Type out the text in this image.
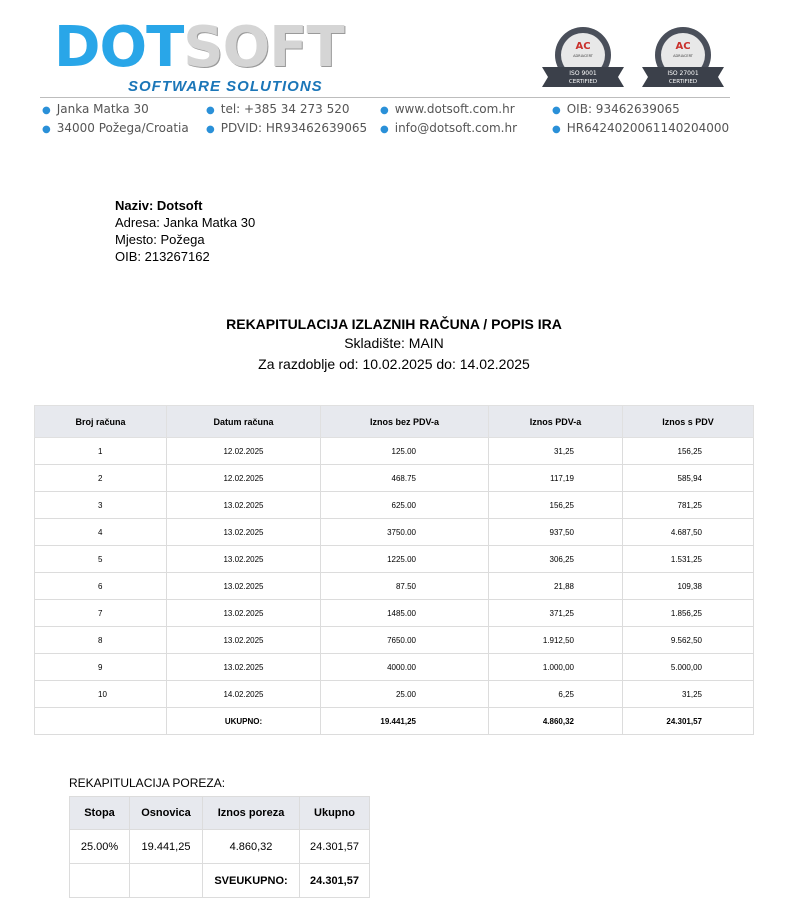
DOTSOFT
SOFTWARE SOLUTIONS
AC
ADRIACERT
ISO 9001
CERTIFIED
AC
ADRIACERT
ISO 27001
CERTIFIED
● Janka Matka 30
● 34000 Požega/Croatia
● tel: +385 34 273 520
● PDVID: HR93462639065
● www.dotsoft.com.hr
● info@dotsoft.com.hr
● OIB: 93462639065
● HR6424020061140204000
Naziv: Dotsoft
Adresa: Janka Matka 30
Mjesto: Požega
OIB: 213267162
REKAPITULACIJA IZLAZNIH RAČUNA / POPIS IRA
Skladište: MAIN
Za razdoblje od: 10.02.2025 do: 14.02.2025
Broj računa	Datum računa	Iznos bez PDV-a	Iznos PDV-a	Iznos s PDV
1	12.02.2025	125.00	31,25	156,25
2	12.02.2025	468.75	117,19	585,94
3	13.02.2025	625.00	156,25	781,25
4	13.02.2025	3750.00	937,50	4.687,50
5	13.02.2025	1225.00	306,25	1.531,25
6	13.02.2025	87.50	21,88	109,38
7	13.02.2025	1485.00	371,25	1.856,25
8	13.02.2025	7650.00	1.912,50	9.562,50
9	13.02.2025	4000.00	1.000,00	5.000,00
10	14.02.2025	25.00	6,25	31,25
	UKUPNO:	19.441,25	4.860,32	24.301,57
REKAPITULACIJA POREZA:
Stopa	Osnovica	Iznos poreza	Ukupno
25.00%	19.441,25	4.860,32	24.301,57
		SVEUKUPNO:	24.301,57
